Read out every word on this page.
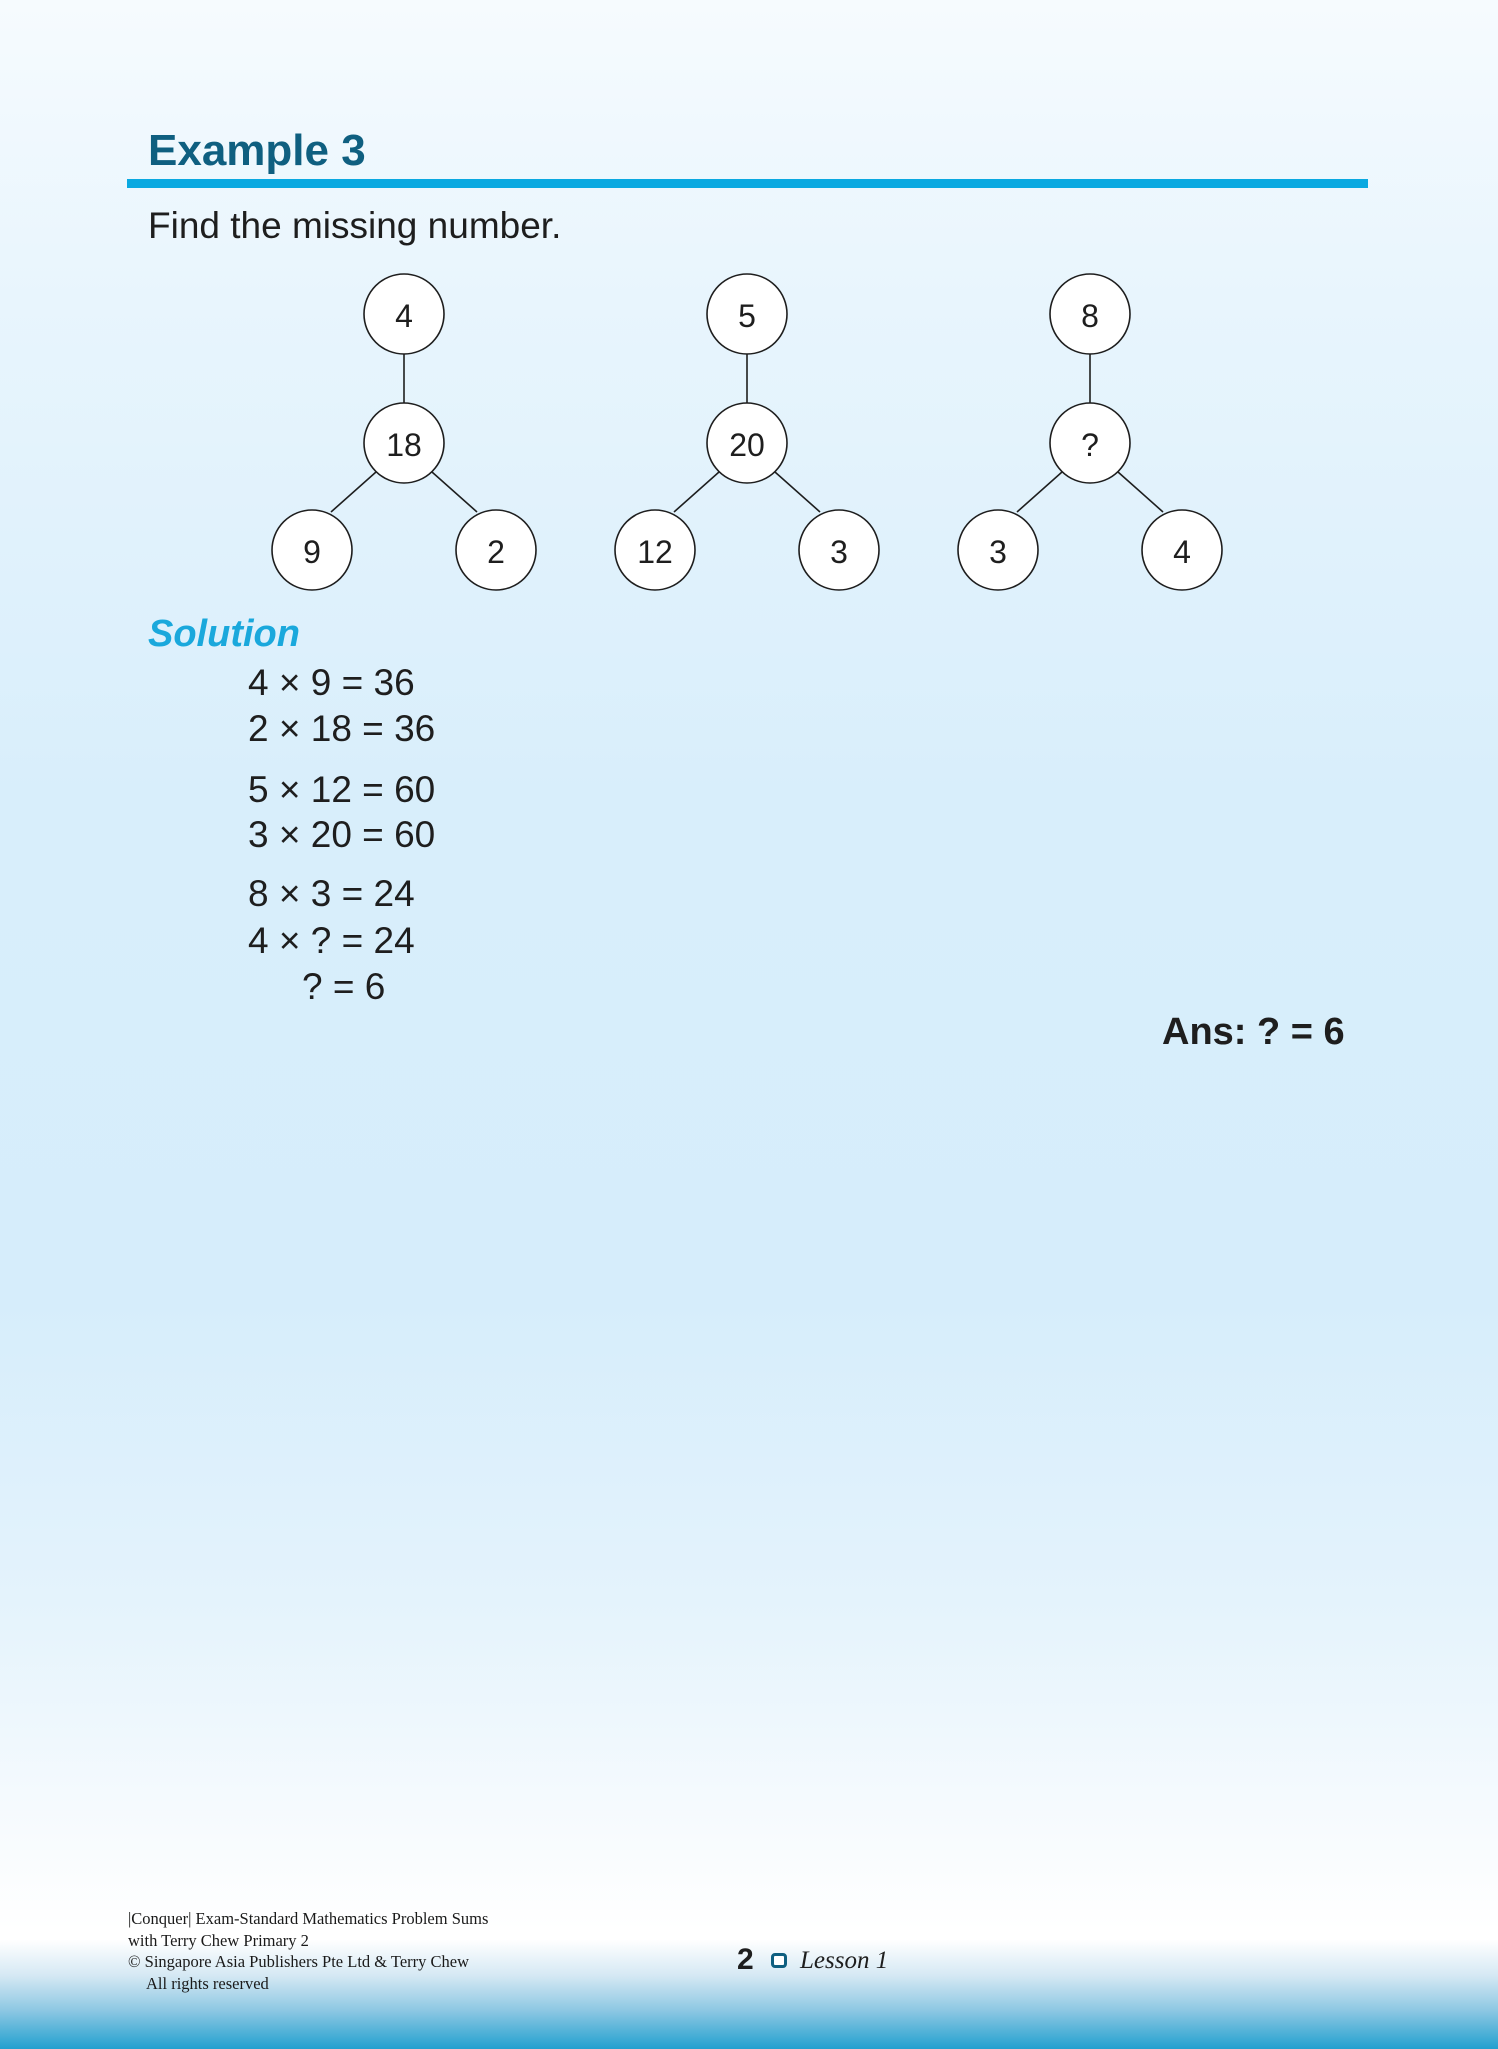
Example 3
Find the missing number.
4
18
9	2
5
20
12	3
8
?
3	4
Solution
4 × 9 = 36
2 × 18 = 36
5 × 12 = 60
3 × 20 = 60
8 × 3 = 24
4 × ? = 24
? = 6
Ans: ? = 6
|Conquer| Exam-Standard Mathematics Problem Sums
with Terry Chew Primary 2
© Singapore Asia Publishers Pte Ltd & Terry Chew
All rights reserved
2 Lesson 1
